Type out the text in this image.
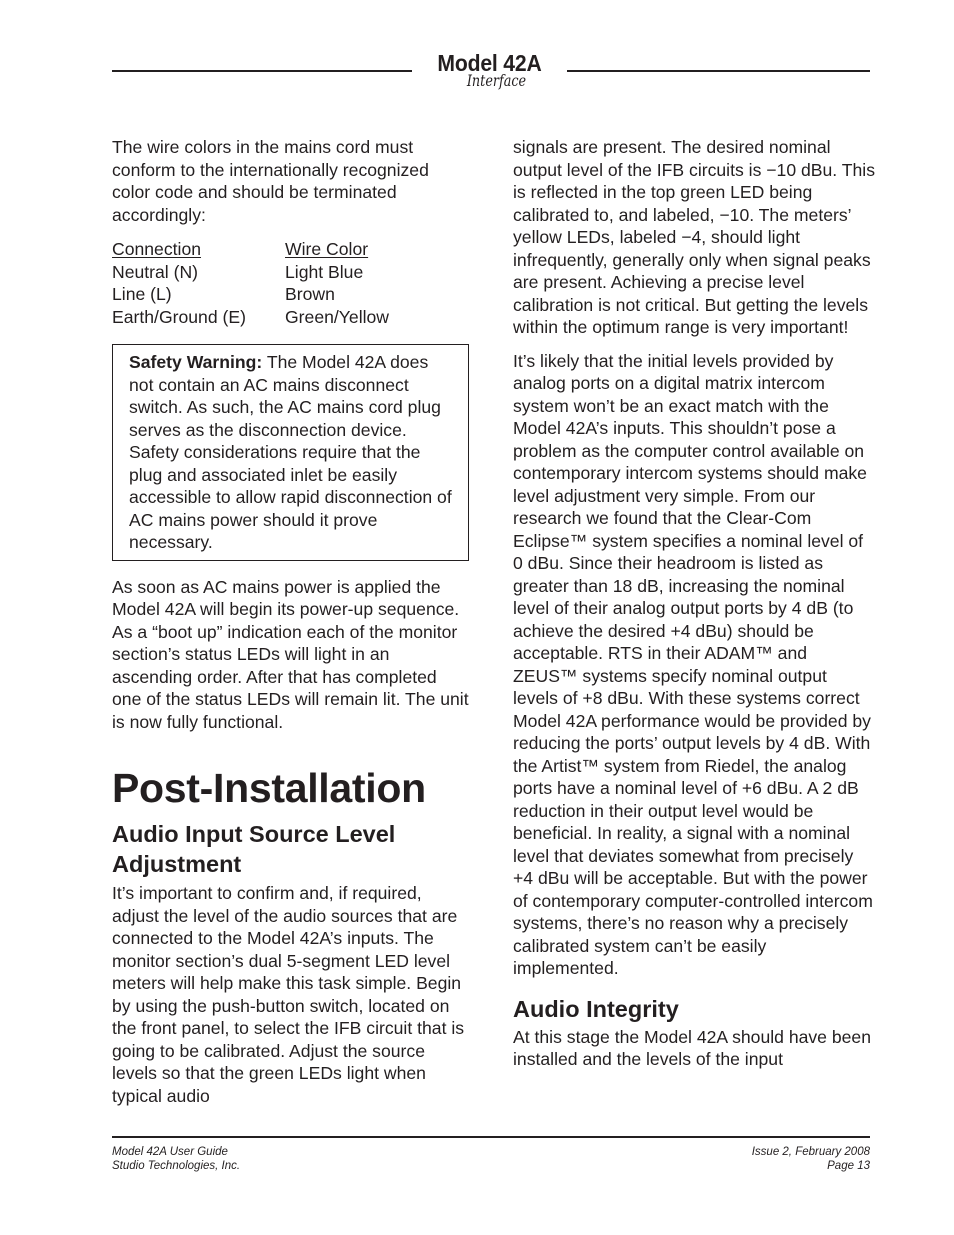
Model 42A
Interface

The wire colors in the mains cord must conform to the internationally recognized color code and should be terminated accordingly:

Connection	Wire Color
Neutral (N)	Light Blue
Line (L)	Brown
Earth/Ground (E)	Green/Yellow

Safety Warning: The Model 42A does not contain an AC mains disconnect switch. As such, the AC mains cord plug serves as the disconnection device. Safety considerations require that the plug and associated inlet be easily accessible to allow rapid disconnection of AC mains power should it prove necessary.

As soon as AC mains power is applied the Model 42A will begin its power-up sequence. As a “boot up” indication each of the monitor section’s status LEDs will light in an ascending order. After that has completed one of the status LEDs will remain lit. The unit is now fully functional.

Post-Installation
Audio Input Source Level Adjustment

It’s important to confirm and, if required, adjust the level of the audio sources that are connected to the Model 42A’s inputs. The monitor section’s dual 5-segment LED level meters will help make this task simple. Begin by using the push-button switch, located on the front panel, to select the IFB circuit that is going to be calibrated. Adjust the source levels so that the green LEDs light when typical audio

signals are present. The desired nominal output level of the IFB circuits is −10 dBu. This is reflected in the top green LED being calibrated to, and labeled, −10. The meters’ yellow LEDs, labeled −4, should light infrequently, generally only when signal peaks are present. Achieving a precise level calibration is not critical. But getting the levels within the optimum range is very important!

It’s likely that the initial levels provided by analog ports on a digital matrix intercom system won’t be an exact match with the Model 42A’s inputs. This shouldn’t pose a problem as the computer control available on contemporary intercom systems should make level adjustment very simple. From our research we found that the Clear-Com Eclipse™ system specifies a nominal level of 0 dBu. Since their headroom is listed as greater than 18 dB, increasing the nominal level of their analog output ports by 4 dB (to achieve the desired +4 dBu) should be acceptable. RTS in their ADAM™ and ZEUS™ systems specify nominal output levels of +8 dBu. With these systems correct Model 42A performance would be provided by reducing the ports’ output levels by 4 dB. With the Artist™ system from Riedel, the analog ports have a nominal level of +6 dBu. A 2 dB reduction in their output level would be beneficial. In reality, a signal with a nominal level that deviates somewhat from precisely +4 dBu will be acceptable. But with the power of contemporary computer-controlled intercom systems, there’s no reason why a precisely calibrated system can’t be easily implemented.

Audio Integrity

At this stage the Model 42A should have been installed and the levels of the input

Model 42A User Guide
Studio Technologies, Inc.
Issue 2, February 2008
Page 13
